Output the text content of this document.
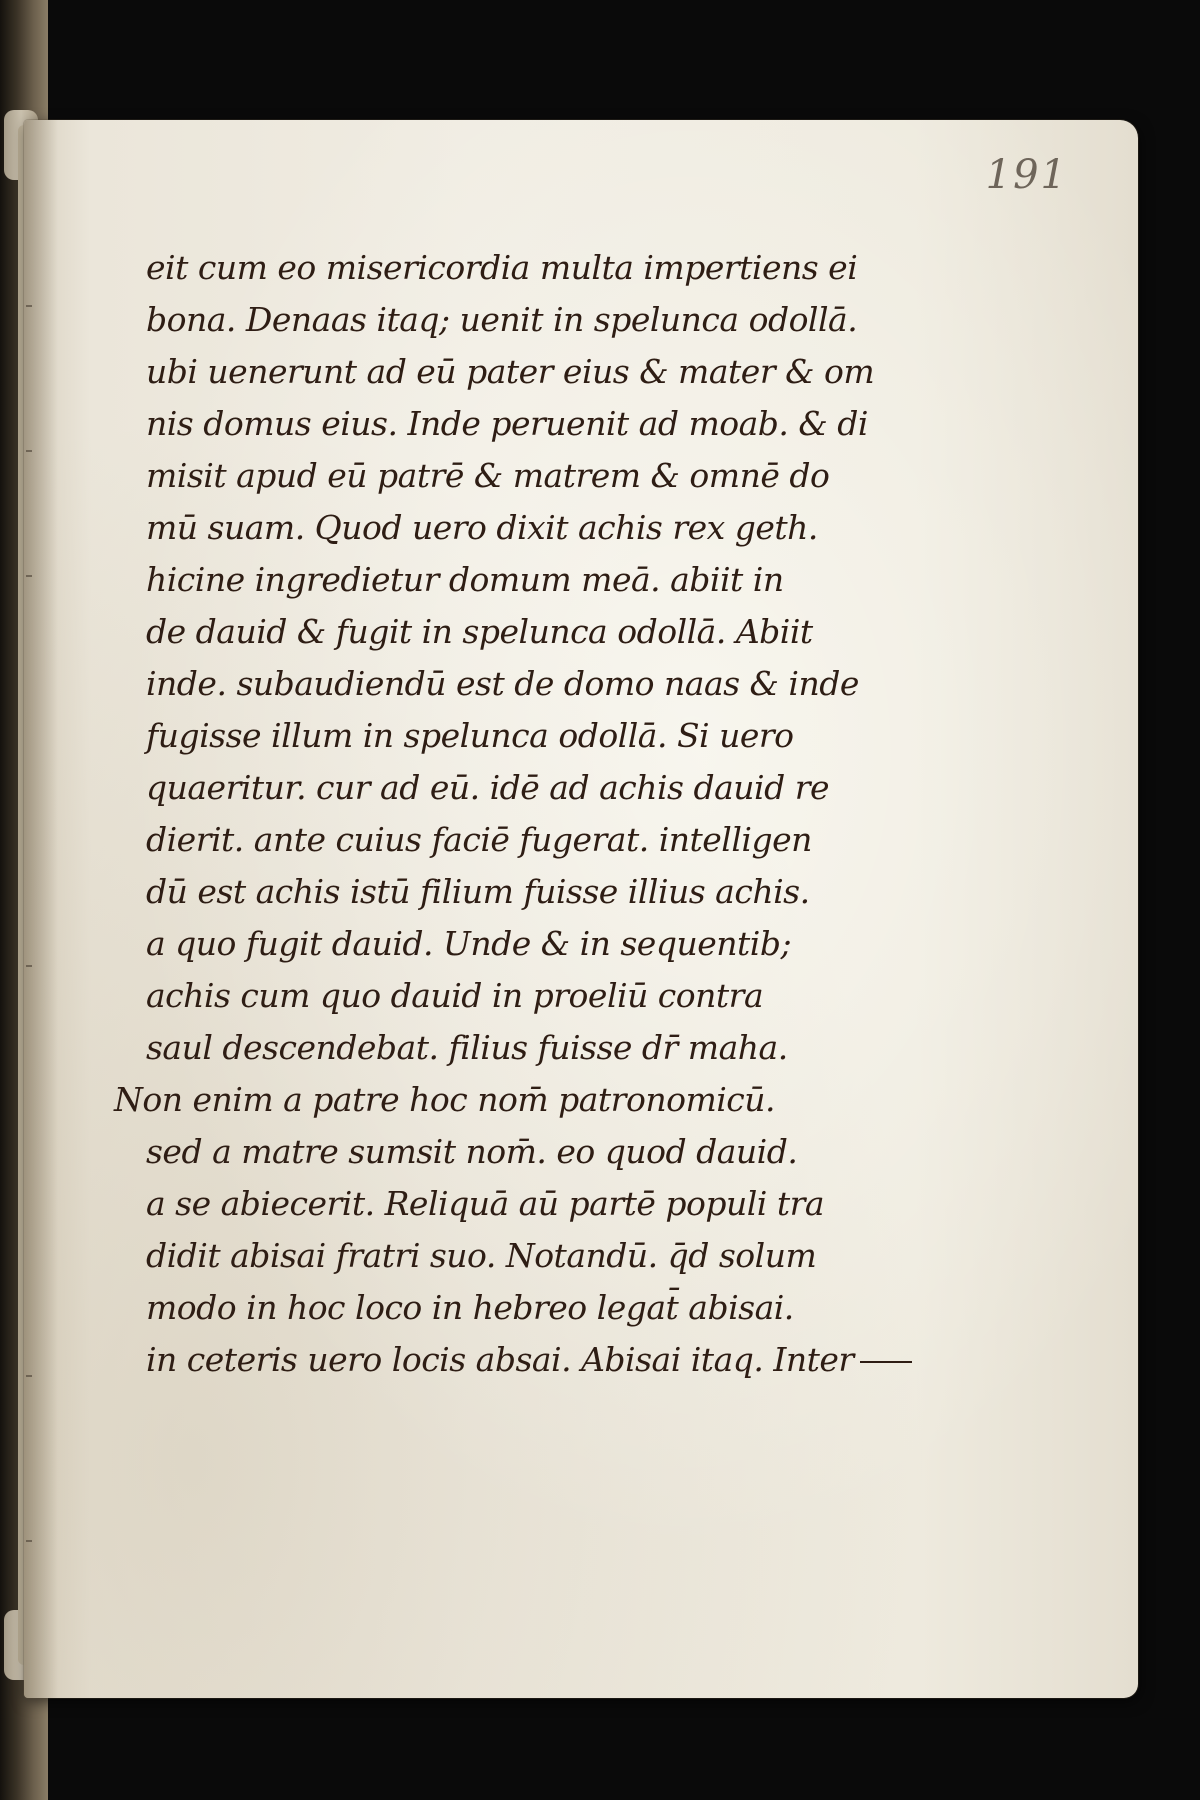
191
eit cum eo misericordia multa impertiens ei
bona. Denaas itaq; uenit in spelunca odollā.
ubi uenerunt ad eū pater eius & mater & om
nis domus eius. Inde peruenit ad moab. & di
misit apud eū patrē & matrem & omnē do
mū suam. Quod uero dixit achis rex geth.
hicine ingredietur domum meā. abiit in
de dauid & fugit in spelunca odollā. Abiit
inde. subaudiendū est de domo naas & inde
fugisse illum in spelunca odollā. Si uero
quaeritur. cur ad eū. idē ad achis dauid re
dierit. ante cuius faciē fugerat. intelligen
dū est achis istū filium fuisse illius achis.
a quo fugit dauid. Unde & in sequentib;
achis cum quo dauid in proeliū contra
saul descendebat. filius fuisse dr̄ maha.
Non enim a patre hoc nom̄ patronomicū.
sed a matre sumsit nom̄. eo quod dauid.
a se abiecerit. Reliquā aū partē populi tra
didit abisai fratri suo. Notandū. q̄d solum
modo in hoc loco in hebreo legat̄ abisai.
in ceteris uero locis absai. Abisai itaq. Inter
